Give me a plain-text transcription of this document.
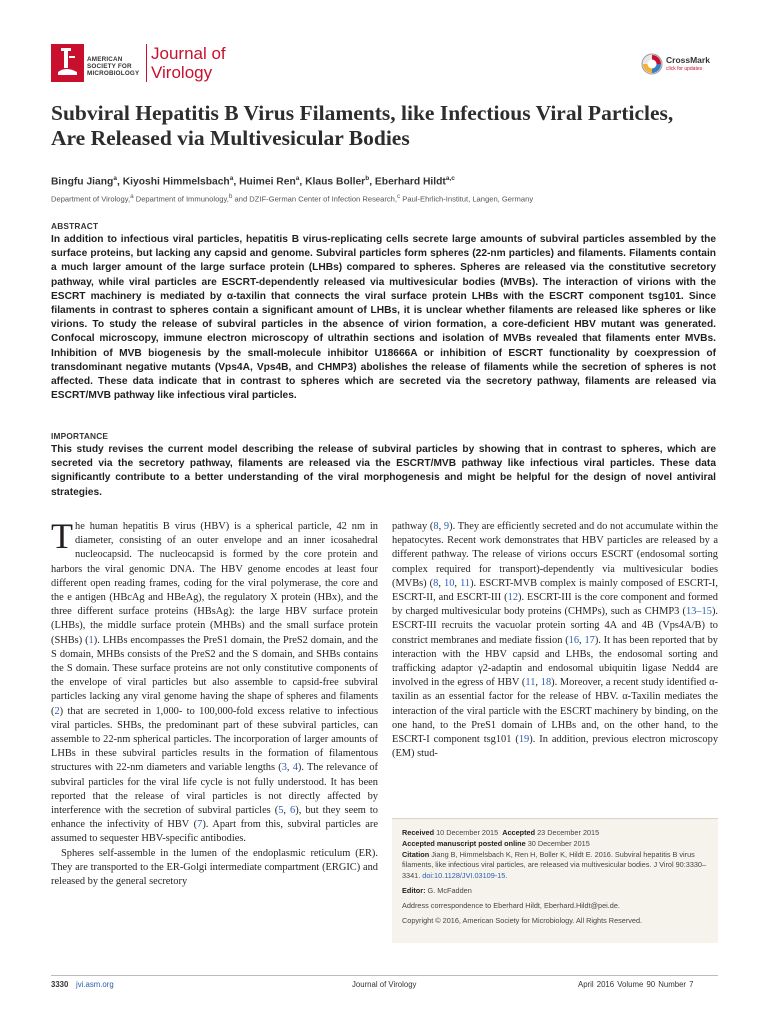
AMERICAN
SOCIETY FOR
MICROBIOLOGY
Journal of
Virology
CrossMark
click for updates
Subviral Hepatitis B Virus Filaments, like Infectious Viral Particles,
Are Released via Multivesicular Bodies
Bingfu Jiang$^a$, Kiyoshi Himmelsbach$^a$, Huimei Ren$^a$, Klaus Boller$^b$, Eberhard Hildt$^{a,c}$
Department of Virology,$^a$ Department of Immunology,$^b$ and DZIF-German Center of Infection Research,$^c$ Paul-Ehrlich-Institut, Langen, Germany
ABSTRACT
In addition to infectious viral particles, hepatitis B virus-replicating cells secrete large amounts of subviral particles assembled by the surface proteins, but lacking any capsid and genome. Subviral particles form spheres (22-nm particles) and filaments. Filaments contain a much larger amount of the large surface protein (LHBs) compared to spheres. Spheres are released via the constitutive secretory pathway, while viral particles are ESCRT-dependently released via multivesicular bodies (MVBs). The interaction of virions with the ESCRT machinery is mediated by α-taxilin that connects the viral surface protein LHBs with the ESCRT component tsg101. Since filaments in contrast to spheres contain a significant amount of LHBs, it is unclear whether filaments are released like spheres or like virions. To study the release of subviral particles in the absence of virion formation, a core-deficient HBV mutant was generated. Confocal microscopy, immune electron microscopy of ultrathin sections and isolation of MVBs revealed that filaments enter MVBs. Inhibition of MVB biogenesis by the small-molecule inhibitor U18666A or inhibition of ESCRT functionality by coexpression of transdominant negative mutants (Vps4A, Vps4B, and CHMP3) abolishes the release of filaments while the secretion of spheres is not affected. These data indicate that in contrast to spheres which are secreted via the secretory pathway, filaments are released via ESCRT/MVB pathway like infectious viral particles.
IMPORTANCE
This study revises the current model describing the release of subviral particles by showing that in contrast to spheres, which are secreted via the secretory pathway, filaments are released via the ESCRT/MVB pathway like infectious viral particles. These data significantly contribute to a better understanding of the viral morphogenesis and might be helpful for the design of novel antiviral strategies.

The human hepatitis B virus (HBV) is a spherical particle, 42 nm in diameter, consisting of an outer envelope and an inner icosahedral nucleocapsid. The nucleocapsid is formed by the core protein and harbors the viral genomic DNA. The HBV genome encodes at least four different open reading frames, coding for the viral polymerase, the core and the e antigen (HBcAg and HBeAg), the regulatory X protein (HBx), and the three different surface proteins (HBsAg): the large HBV surface protein (LHBs), the middle surface protein (MHBs) and the small surface protein (SHBs) (1). LHBs encompasses the PreS1 domain, the PreS2 domain, and the S domain, MHBs consists of the PreS2 and the S domain, and SHBs contains the S domain. These surface proteins are not only constitutive components of the envelope of viral particles but also assemble to capsid-free subviral particles lacking any viral genome having the shape of spheres and filaments (2) that are secreted in 1,000- to 100,000-fold excess relative to infectious viral particles. SHBs, the predominant part of these subviral particles, can assemble to 22-nm spherical particles. The incorporation of larger amounts of LHBs in these subviral particles results in the formation of filamentous structures with 22-nm diameters and variable lengths (3, 4). The relevance of subviral particles for the viral life cycle is not fully understood. It has been reported that the release of viral particles is not directly affected by interference with the secretion of subviral particles (5, 6), but they seem to enhance the infectivity of HBV (7). Apart from this, subviral particles are assumed to sequester HBV-specific antibodies.

Spheres self-assemble in the lumen of the endoplasmic reticulum (ER). They are transported to the ER-Golgi intermediate compartment (ERGIC) and released by the general secretory

pathway (8, 9). They are efficiently secreted and do not accumulate within the hepatocytes. Recent work demonstrates that HBV particles are released by a different pathway. The release of virions occurs ESCRT (endosomal sorting complex required for transport)-dependently via multivesicular bodies (MVBs) (8, 10, 11). ESCRT-MVB complex is mainly composed of ESCRT-I, ESCRT-II, and ESCRT-III (12). ESCRT-III is the core component and formed by charged multivesicular body proteins (CHMPs), such as CHMP3 (13–15). ESCRT-III recruits the vacuolar protein sorting 4A and 4B (Vps4A/B) to constrict membranes and mediate fission (16, 17). It has been reported that by interaction with the HBV capsid and LHBs, the endosomal sorting and trafficking adaptor γ2-adaptin and endosomal ubiquitin ligase Nedd4 are involved in the egress of HBV (11, 18). Moreover, a recent study identified α-taxilin as an essential factor for the release of HBV. α-Taxilin mediates the interaction of the viral particle with the ESCRT machinery by binding, on the one hand, to the PreS1 domain of LHBs and, on the other hand, to the ESCRT-I component tsg101 (19). In addition, previous electron microscopy (EM) stud-

Received 10 December 2015 Accepted 23 December 2015
Accepted manuscript posted online 30 December 2015
Citation Jiang B, Himmelsbach K, Ren H, Boller K, Hildt E. 2016. Subviral hepatitis B virus filaments, like infectious viral particles, are released via multivesicular bodies. J Virol 90:3330–3341. doi:10.1128/JVI.03109-15.
Editor: G. McFadden
Address correspondence to Eberhard Hildt, Eberhard.Hildt@pei.de.
Copyright © 2016, American Society for Microbiology. All Rights Reserved.
3330 jvi.asm.org	Journal of Virology	April 2016 Volume 90 Number 7
